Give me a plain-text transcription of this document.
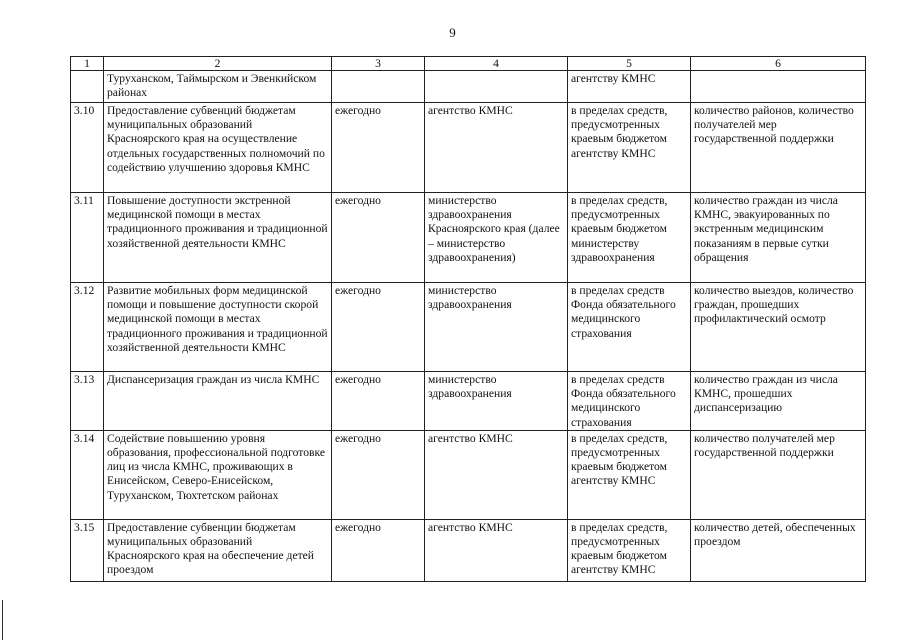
9
1	2	3	4	5	6
	Туруханском, Таймырском и Эвенкийском районах			агентству КМНС	
3.10	Предоставление субвенций бюджетам муниципальных образований Красноярского края на осуществление отдельных государственных полномочий по содействию улучшению здоровья КМНС	ежегодно	агентство КМНС	в пределах средств, предусмотренных краевым бюджетом агентству КМНС	количество районов, количество получателей мер государственной поддержки
3.11	Повышение доступности экстренной медицинской помощи в местах традиционного проживания и традиционной хозяйственной деятельности КМНС	ежегодно	министерство здравоохранения Красноярского края (далее – министерство здравоохранения)	в пределах средств, предусмотренных краевым бюджетом министерству здравоохранения	количество граждан из числа КМНС, эвакуированных по экстренным медицинским показаниям в первые сутки обращения
3.12	Развитие мобильных форм медицинской помощи и повышение доступности скорой медицинской помощи в местах традиционного проживания и традиционной хозяйственной деятельности КМНС	ежегодно	министерство здравоохранения	в пределах средств Фонда обязательного медицинского страхования	количество выездов, количество граждан, прошедших профилактический осмотр
3.13	Диспансеризация граждан из числа КМНС	ежегодно	министерство здравоохранения	в пределах средств Фонда обязательного медицинского страхования	количество граждан из числа КМНС, прошедших диспансеризацию
3.14	Содействие повышению уровня образования, профессиональной подготовке лиц из числа КМНС, проживающих в Енисейском, Северо-Енисейском, Туруханском, Тюхтетском районах	ежегодно	агентство КМНС	в пределах средств, предусмотренных краевым бюджетом агентству КМНС	количество получателей мер государственной поддержки
3.15	Предоставление субвенции бюджетам муниципальных образований Красноярского края на обеспечение детей проездом	ежегодно	агентство КМНС	в пределах средств, предусмотренных краевым бюджетом агентству КМНС	количество детей, обеспеченных проездом
